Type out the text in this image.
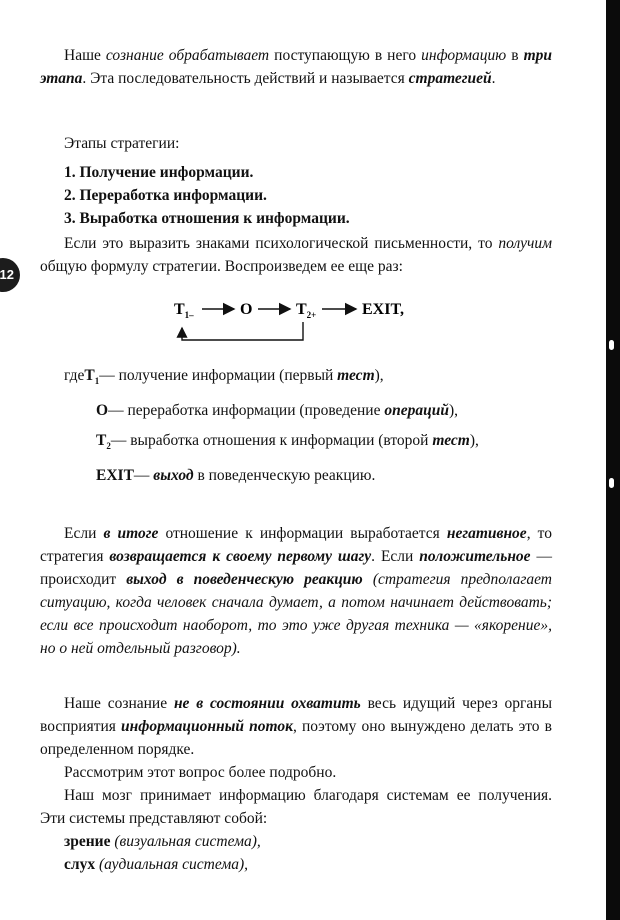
12

Наше сознание обрабатывает поступающую в него информацию в три этапа. Эта последовательность действий и называется стратегией.

Этапы стратегии:

1. Получение информации.
2. Переработка информации.
3. Выработка отношения к информации.

Если это выразить знаками психологической письменности, то получим общую формулу стратегии. Воспроизведем ее еще раз:

$T_{1-}$	O	$T_{2+}$	EXIT,

где $T_1$ — получение информации (первый тест),

O — переработка информации (проведение операций),

$T_2$ — выработка отношения к информации (второй тест),

EXIT — выход в поведенческую реакцию.

Если в итоге отношение к информации выработается негативное, то стратегия возвращается к своему первому шагу. Если положительное — происходит выход в поведенческую реакцию (стратегия предполагает ситуацию, когда человек сначала думает, а потом начинает действовать; если все происходит наоборот, то это уже другая техника — «якорение», но о ней отдельный разговор).

Наше сознание не в состоянии охватить весь идущий через органы восприятия информационный поток, поэтому оно вынуждено делать это в определенном порядке.

Рассмотрим этот вопрос более подробно.

Наш мозг принимает информацию благодаря системам ее получения. Эти системы представляют собой:

зрение (визуальная система),

слух (аудиальная система),
